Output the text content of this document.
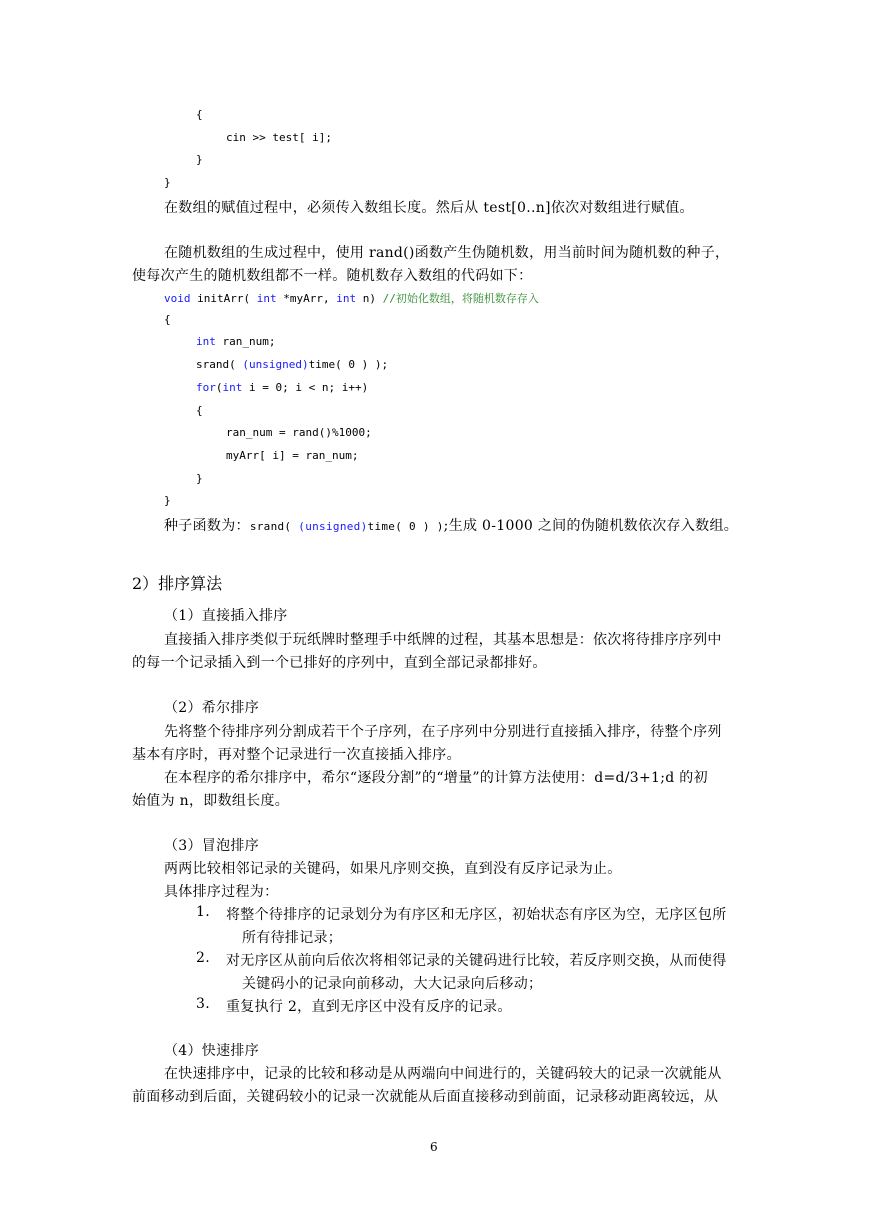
{
cin >> test[ i];
}
}
在数组的赋值过程中，必须传入数组长度。然后从 test[0..n]依次对数组进行赋值。
在随机数组的生成过程中，使用 rand()函数产生伪随机数，用当前时间为随机数的种子，
使每次产生的随机数组都不一样。随机数存入数组的代码如下：
void initArr( int *myArr, int n) //初始化数组，将随机数存存入
{
int ran_num;
srand( (unsigned)time( 0 ) );
for(int i = 0; i < n; i++)
{
ran_num = rand()%1000;
myArr[ i] = ran_num;
}
}
种子函数为：srand( (unsigned)time( 0 ) );生成 0-1000 之间的伪随机数依次存入数组。
2）排序算法
（1）直接插入排序
直接插入排序类似于玩纸牌时整理手中纸牌的过程，其基本思想是：依次将待排序序列中
的每一个记录插入到一个已排好的序列中，直到全部记录都排好。
（2）希尔排序
先将整个待排序列分割成若干个子序列，在子序列中分别进行直接插入排序，待整个序列
基本有序时，再对整个记录进行一次直接插入排序。
在本程序的希尔排序中，希尔“逐段分割”的“增量”的计算方法使用：d=d/3+1;d 的初
始值为 n，即数组长度。
（3）冒泡排序
两两比较相邻记录的关键码，如果凡序则交换，直到没有反序记录为止。
具体排序过程为：
1. 将整个待排序的记录划分为有序区和无序区，初始状态有序区为空，无序区包所
所有待排记录；
2. 对无序区从前向后依次将相邻记录的关键码进行比较，若反序则交换，从而使得
关键码小的记录向前移动，大大记录向后移动；
3. 重复执行 2，直到无序区中没有反序的记录。
（4）快速排序
在快速排序中，记录的比较和移动是从两端向中间进行的，关键码较大的记录一次就能从
前面移动到后面，关键码较小的记录一次就能从后面直接移动到前面，记录移动距离较远，从
6
